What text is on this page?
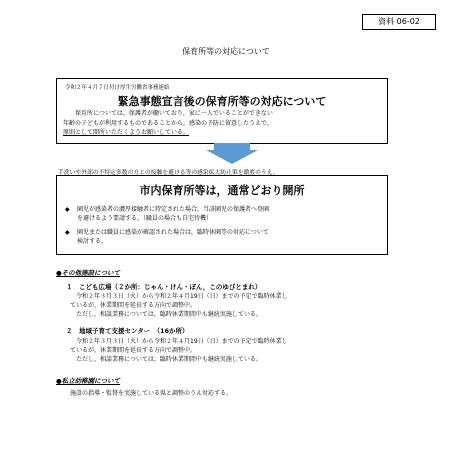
資料 06-02
保育所等の対応について
令和２年４月７日付け厚生労働省事務連絡
緊急事態宣言後の保育所等の対応について
保育所については，保護者が働いており，家に一人でいることができない
年齢の子どもが利用するものであることから，感染の予防に留意したうえで，
原則として開所いただくようお願いしている。
手洗いや外部の不特定多数の方との接触を避ける等の感染拡大防止策を徹底のうえ，
市内保育所等は，通常どおり開所
◆	園児が感染者の濃厚接触者に特定された場合，当該園児の保護者へ登園
を避けるよう要請する。（職員の場合も自宅待機）
◆	園児または職員に感染が確認された場合は，臨時休園等の対応について
検討する。
●その他施設について
１　こども広場（２か所：じゃん・けん・ぽん，このゆびとまれ）
令和２年３月３日（火）から令和２年４月19日（日）までの予定で臨時休業し
ているが，休業期間を延長する方向で調整中。
ただし，相談業務については，臨時休業期間中も継続実施している。
２　地域子育て支援センター　（16か所）
令和２年３月３日（火）から令和２年４月19日（日）までの予定で臨時休業し
ているが，休業期間を延長する方向で調整中。
ただし，相談業務については，臨時休業期間中も継続実施している。
●私立幼稚園について
施設の指導・監督を実施している県と調整のうえ対応する。
